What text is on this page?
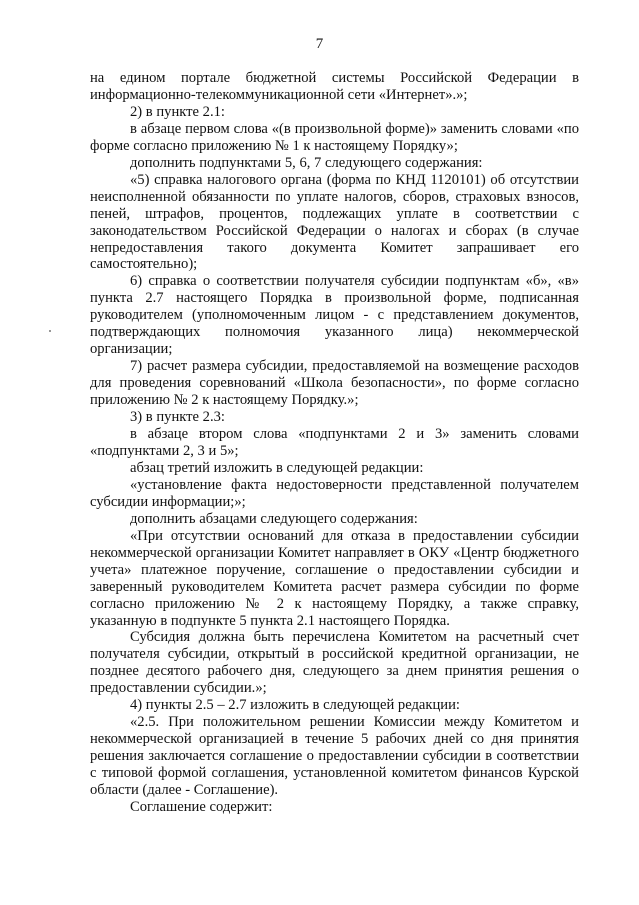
7

на едином портале бюджетной системы Российской Федерации в информационно-телекоммуникационной сети «Интернет».»;

2) в пункте 2.1:

в абзаце первом слова «(в произвольной форме)» заменить словами «по форме согласно приложению № 1 к настоящему Порядку»;

дополнить подпунктами 5, 6, 7 следующего содержания:

«5) справка налогового органа (форма по КНД 1120101) об отсутствии неисполненной обязанности по уплате налогов, сборов, страховых взносов, пеней, штрафов, процентов, подлежащих уплате в соответствии с законодательством Российской Федерации о налогах и сборах (в случае непредоставления такого документа Комитет запрашивает его самостоятельно);

6) справка о соответствии получателя субсидии подпунктам «б», «в» пункта 2.7 настоящего Порядка в произвольной форме, подписанная руководителем (уполномоченным лицом - с представлением документов, подтверждающих полномочия указанного лица) некоммерческой организации;

7) расчет размера субсидии, предоставляемой на возмещение расходов для проведения соревнований «Школа безопасности», по форме согласно приложению № 2 к настоящему Порядку.»;

3) в пункте 2.3:

в абзаце втором слова «подпунктами 2 и 3» заменить словами «подпунктами 2, 3 и 5»;

абзац третий изложить в следующей редакции:

«установление факта недостоверности представленной получателем субсидии информации;»;

дополнить абзацами следующего содержания:

«При отсутствии оснований для отказа в предоставлении субсидии некоммерческой организации Комитет направляет в ОКУ «Центр бюджетного учета» платежное поручение, соглашение о предоставлении субсидии и заверенный руководителем Комитета расчет размера субсидии по форме согласно приложению № 2 к настоящему Порядку, а также справку, указанную в подпункте 5 пункта 2.1 настоящего Порядка.

Субсидия должна быть перечислена Комитетом на расчетный счет получателя субсидии, открытый в российской кредитной организации, не позднее десятого рабочего дня, следующего за днем принятия решения о предоставлении субсидии.»;

4) пункты 2.5 – 2.7 изложить в следующей редакции:

«2.5. При положительном решении Комиссии между Комитетом и некоммерческой организацией в течение 5 рабочих дней со дня принятия решения заключается соглашение о предоставлении субсидии в соответствии с типовой формой соглашения, установленной комитетом финансов Курской области (далее - Соглашение).

Соглашение содержит:
